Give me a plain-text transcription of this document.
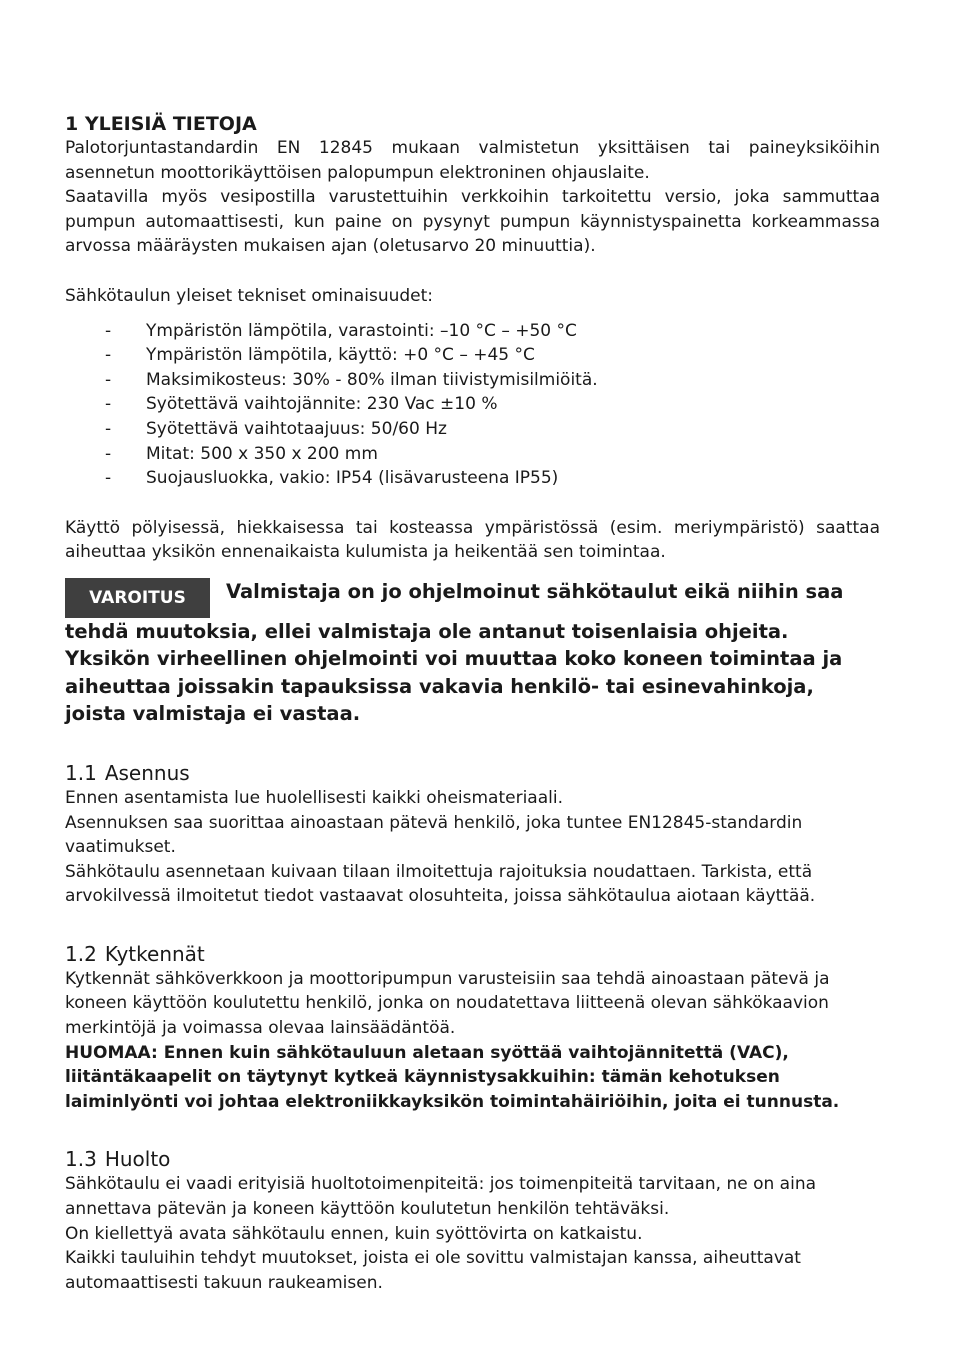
1 YLEISIÄ TIETOJA

Palotorjuntastandardin EN 12845 mukaan valmistetun yksittäisen tai paineyksiköihin asennetun moottorikäyttöisen palopumpun elektroninen ohjauslaite.

Saatavilla myös vesipostilla varustettuihin verkkoihin tarkoitettu versio, joka sammuttaa pumpun automaattisesti, kun paine on pysynyt pumpun käynnistyspainetta korkeammassa arvossa määräysten mukaisen ajan (oletusarvo 20 minuuttia).

Sähkötaulun yleiset tekniset ominaisuudet:

-	Ympäristön lämpötila, varastointi: –10 °C – +50 °C
-	Ympäristön lämpötila, käyttö: +0 °C – +45 °C
-	Maksimikosteus: 30% - 80% ilman tiivistymisilmiöitä.
-	Syötettävä vaihtojännite: 230 Vac ±10 %
-	Syötettävä vaihtotaajuus: 50/60 Hz
-	Mitat: 500 x 350 x 200 mm
-	Suojausluokka, vakio: IP54 (lisävarusteena IP55)

Käyttö pölyisessä, hiekkaisessa tai kosteassa ympäristössä (esim. meriympäristö) saattaa aiheuttaa yksikön ennenaikaista kulumista ja heikentää sen toimintaa.

VAROITUS Valmistaja on jo ohjelmoinut sähkötaulut eikä niihin saa tehdä muutoksia, ellei valmistaja ole antanut toisenlaisia ohjeita. Yksikön virheellinen ohjelmointi voi muuttaa koko koneen toimintaa ja aiheuttaa joissakin tapauksissa vakavia henkilö- tai esinevahinkoja, joista valmistaja ei vastaa.
1.1 Asennus

Ennen asentamista lue huolellisesti kaikki oheismateriaali.

Asennuksen saa suorittaa ainoastaan pätevä henkilö, joka tuntee EN12845-standardin vaatimukset.

Sähkötaulu asennetaan kuivaan tilaan ilmoitettuja rajoituksia noudattaen. Tarkista, että arvokilvessä ilmoitetut tiedot vastaavat olosuhteita, joissa sähkötaulua aiotaan käyttää.

1.2 Kytkennät

Kytkennät sähköverkkoon ja moottoripumpun varusteisiin saa tehdä ainoastaan pätevä ja koneen käyttöön koulutettu henkilö, jonka on noudatettava liitteenä olevan sähkökaavion merkintöjä ja voimassa olevaa lainsäädäntöä.

HUOMAA: Ennen kuin sähkötauluun aletaan syöttää vaihtojännitettä (VAC), liitäntäkaapelit on täytynyt kytkeä käynnistysakkuihin: tämän kehotuksen laiminlyönti voi johtaa elektroniikkayksikön toimintahäiriöihin, joita ei tunnusta.

1.3 Huolto

Sähkötaulu ei vaadi erityisiä huoltotoimenpiteitä: jos toimenpiteitä tarvitaan, ne on aina annettava pätevän ja koneen käyttöön koulutetun henkilön tehtäväksi.

On kiellettyä avata sähkötaulu ennen, kuin syöttövirta on katkaistu.

Kaikki tauluihin tehdyt muutokset, joista ei ole sovittu valmistajan kanssa, aiheuttavat automaattisesti takuun raukeamisen.
